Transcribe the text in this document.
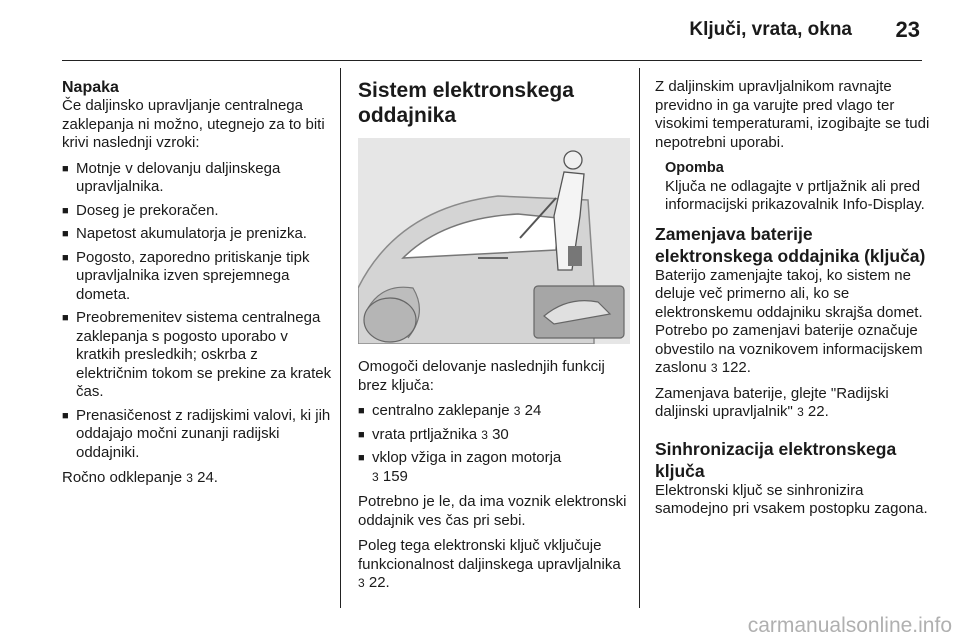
Ključi, vrata, okna 23
Napaka

Če daljinsko upravljanje centralnega zaklepanja ni možno, utegnejo za to biti krivi naslednji vzroki:

■ Motnje v delovanju daljinskega upravljalnika.
■ Doseg je prekoračen.
■ Napetost akumulatorja je prenizka.
■ Pogosto, zaporedno pritiskanje tipk upravljalnika izven sprejemnega dometa.
■ Preobremenitev sistema centralnega zaklepanja s pogosto uporabo v kratkih presledkih; oskrba z električnim tokom se prekine za kratek čas.
■ Prenasičenost z radijskimi valovi, ki jih oddajajo močni zunanji radijski oddajniki.

Ročno odklepanje 3 24.

Sistem elektronskega oddajnika

Omogoči delovanje naslednjih funkcij brez ključa:

■ centralno zaklepanje 3 24
■ vrata prtljažnika 3 30
■ vklop vžiga in zagon motorja
3 159

Potrebno je le, da ima voznik elektronski oddajnik ves čas pri sebi.

Poleg tega elektronski ključ vključuje funkcionalnost daljinskega upravljalnika 3 22.

Z daljinskim upravljalnikom ravnajte previdno in ga varujte pred vlago ter visokimi temperaturami, izogibajte se tudi nepotrebni uporabi.

Opomba
Ključa ne odlagajte v prtljažnik ali pred informacijski prikazovalnik Info-Display.
Zamenjava baterije elektronskega oddajnika (ključa)

Baterijo zamenjajte takoj, ko sistem ne deluje več primerno ali, ko se elektronskemu oddajniku skrajša domet. Potrebo po zamenjavi baterije označuje obvestilo na voznikovem informacijskem zaslonu 3 122.

Zamenjava baterije, glejte "Radijski daljinski upravljalnik" 3 22.

Sinhronizacija elektronskega ključa

Elektronski ključ se sinhronizira samodejno pri vsakem postopku zagona.

carmanualsonline.info
